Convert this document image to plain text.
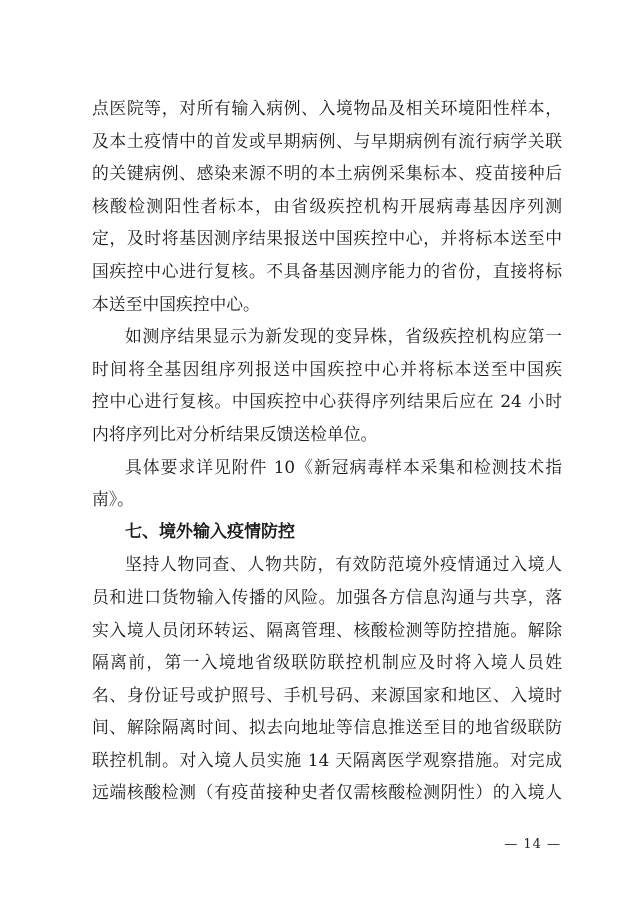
点医院等，对所有输入病例、入境物品及相关环境阳性样本，
及本土疫情中的首发或早期病例、与早期病例有流行病学关联
的关键病例、感染来源不明的本土病例采集标本、疫苗接种后
核酸检测阳性者标本，由省级疾控机构开展病毒基因序列测
定，及时将基因测序结果报送中国疾控中心，并将标本送至中
国疾控中心进行复核。不具备基因测序能力的省份，直接将标
本送至中国疾控中心。
如测序结果显示为新发现的变异株，省级疾控机构应第一
时间将全基因组序列报送中国疾控中心并将标本送至中国疾
控中心进行复核。中国疾控中心获得序列结果后应在 24 小时
内将序列比对分析结果反馈送检单位。
具体要求详见附件 10《新冠病毒样本采集和检测技术指
南》。
七、境外输入疫情防控
坚持人物同查、人物共防，有效防范境外疫情通过入境人
员和进口货物输入传播的风险。加强各方信息沟通与共享，落
实入境人员闭环转运、隔离管理、核酸检测等防控措施。解除
隔离前，第一入境地省级联防联控机制应及时将入境人员姓
名、身份证号或护照号、手机号码、来源国家和地区、入境时
间、解除隔离时间、拟去向地址等信息推送至目的地省级联防
联控机制。对入境人员实施 14 天隔离医学观察措施。对完成
远端核酸检测（有疫苗接种史者仅需核酸检测阴性）的入境人
— 14 —
